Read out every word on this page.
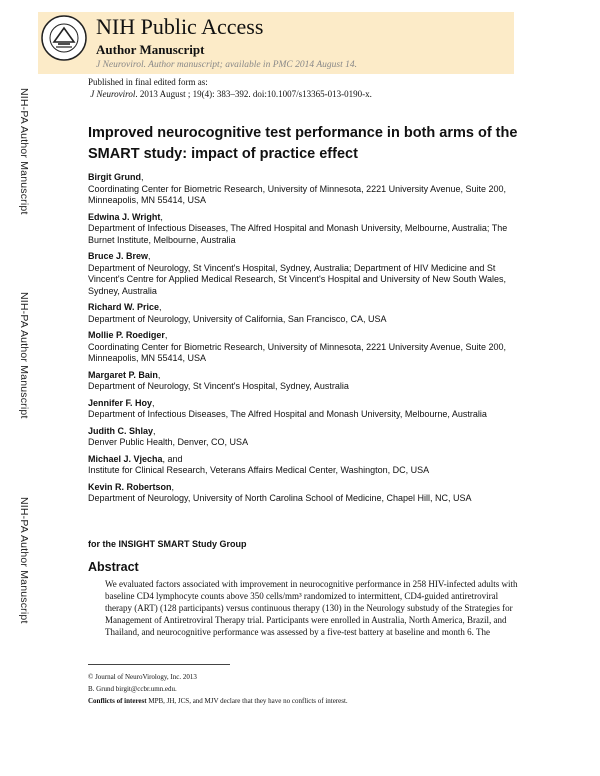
NIH Public Access
Author Manuscript
J Neurovirol. Author manuscript; available in PMC 2014 August 14.
Published in final edited form as:
J Neurovirol. 2013 August ; 19(4): 383–392. doi:10.1007/s13365-013-0190-x.
NIH-PA Author Manuscript
NIH-PA Author Manuscript
NIH-PA Author Manuscript
Improved neurocognitive test performance in both arms of the SMART study: impact of practice effect
Birgit Grund,
Coordinating Center for Biometric Research, University of Minnesota, 2221 University Avenue, Suite 200, Minneapolis, MN 55414, USA
Edwina J. Wright,
Department of Infectious Diseases, The Alfred Hospital and Monash University, Melbourne, Australia; The Burnet Institute, Melbourne, Australia
Bruce J. Brew,
Department of Neurology, St Vincent's Hospital, Sydney, Australia; Department of HIV Medicine and St Vincent's Centre for Applied Medical Research, St Vincent's Hospital and University of New South Wales, Sydney, Australia
Richard W. Price,
Department of Neurology, University of California, San Francisco, CA, USA
Mollie P. Roediger,
Coordinating Center for Biometric Research, University of Minnesota, 2221 University Avenue, Suite 200, Minneapolis, MN 55414, USA
Margaret P. Bain,
Department of Neurology, St Vincent's Hospital, Sydney, Australia
Jennifer F. Hoy,
Department of Infectious Diseases, The Alfred Hospital and Monash University, Melbourne, Australia
Judith C. Shlay,
Denver Public Health, Denver, CO, USA
Michael J. Vjecha, and
Institute for Clinical Research, Veterans Affairs Medical Center, Washington, DC, USA
Kevin R. Robertson,
Department of Neurology, University of North Carolina School of Medicine, Chapel Hill, NC, USA
for the INSIGHT SMART Study Group
Abstract
We evaluated factors associated with improvement in neurocognitive performance in 258 HIV-infected adults with baseline CD4 lymphocyte counts above 350 cells/mm³ randomized to intermittent, CD4-guided antiretroviral therapy (ART) (128 participants) versus continuous therapy (130) in the Neurology substudy of the Strategies for Management of Antiretroviral Therapy trial. Participants were enrolled in Australia, North America, Brazil, and Thailand, and neurocognitive performance was assessed by a five-test battery at baseline and month 6. The
© Journal of NeuroVirology, Inc. 2013
B. Grund birgit@ccbr.umn.edu.
Conflicts of interest MPB, JH, JCS, and MJV declare that they have no conflicts of interest.
